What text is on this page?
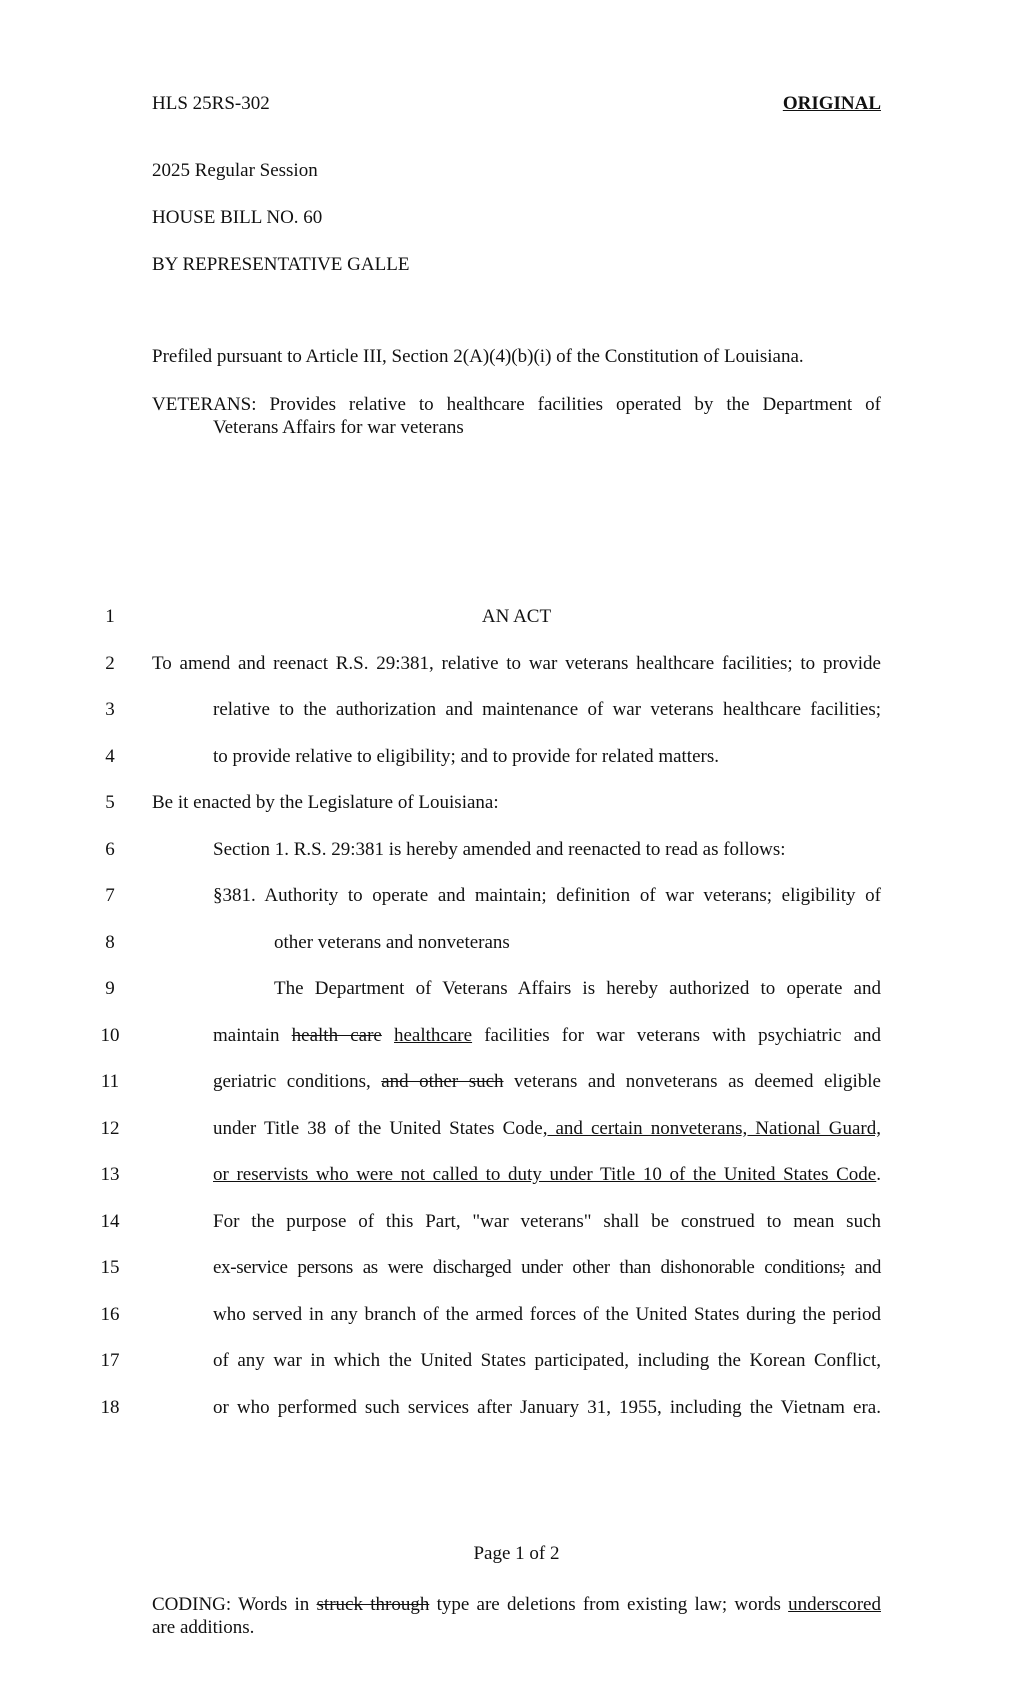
HLS 25RS-302	ORIGINAL
2025 Regular Session
HOUSE BILL NO. 60
BY REPRESENTATIVE GALLE
Prefiled pursuant to Article III, Section 2(A)(4)(b)(i) of the Constitution of Louisiana.
VETERANS: Provides relative to healthcare facilities operated by the Department of
Veterans Affairs for war veterans
1	AN ACT
2	To amend and reenact R.S. 29:381, relative to war veterans healthcare facilities; to provide
3	relative to the authorization and maintenance of war veterans healthcare facilities;
4	to provide relative to eligibility; and to provide for related matters.
5	Be it enacted by the Legislature of Louisiana:
6	Section 1. R.S. 29:381 is hereby amended and reenacted to read as follows:
7	§381. Authority to operate and maintain; definition of war veterans; eligibility of
8	other veterans and nonveterans
9	The Department of Veterans Affairs is hereby authorized to operate and
10	maintain health care healthcare facilities for war veterans with psychiatric and
11	geriatric conditions, and other such veterans and nonveterans as deemed eligible
12	under Title 38 of the United States Code, and certain nonveterans, National Guard,
13	or reservists who were not called to duty under Title 10 of the United States Code.
14	For the purpose of this Part, "war veterans" shall be construed to mean such
15	ex-service persons as were discharged under other than dishonorable conditions; and
16	who served in any branch of the armed forces of the United States during the period
17	of any war in which the United States participated, including the Korean Conflict,
18	or who performed such services after January 31, 1955, including the Vietnam era.
Page 1 of 2
CODING: Words in struck through type are deletions from existing law; words underscored
are additions.
